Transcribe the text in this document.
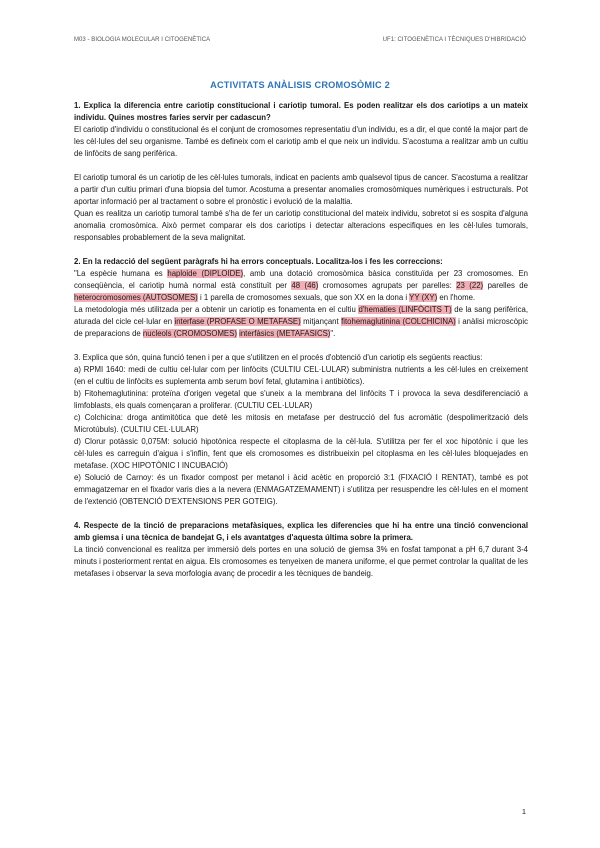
M03 - BIOLOGIA MOLECULAR I CITOGENÈTICA	UF1: CITOGENÈTICA I TÈCNIQUES D'HIBRIDACIÓ
ACTIVITATS ANÀLISIS CROMOSÒMIC 2

1. Explica la diferencia entre cariotip constitucional i cariotip tumoral. Es poden realitzar els dos cariotips a un mateix individu. Quines mostres faries servir per cadascun?

El cariotip d'individu o constitucional és el conjunt de cromosomes representatiu d'un individu, es a dir, el que conté la major part de les cèl·lules del seu organisme. També es defineix com el cariotip amb el que neix un individu. S'acostuma a realitzar amb un cultiu de linfòcits de sang perifèrica.

El cariotip tumoral és un cariotip de les cèl·lules tumorals, indicat en pacients amb qualsevol tipus de cancer. S'acostuma a realitzar a partir d'un cultiu primari d'una biopsia del tumor. Acostuma a presentar anomalies cromosòmiques numèriques i estructurals. Pot aportar informació per al tractament o sobre el pronòstic i evolució de la malaltia.

Quan es realitza un cariotip tumoral també s'ha de fer un cariotip constitucional del mateix individu, sobretot si es sospita d'alguna anomalia cromosòmica. Això permet comparar els dos cariotips i detectar alteracions especifiques en les cèl·lules tumorals, responsables probablement de la seva malignitat.

2. En la redacció del següent paràgrafs hi ha errors conceptuals. Localitza-los i fes les correccions:

"La espècie humana es haploide (DIPLOIDE), amb una dotació cromosòmica bàsica constituïda per 23 cromosomes. En conseqüència, el cariotip humà normal està constituït per 48 (46) cromosomes agrupats per parelles: 23 (22) parelles de heterocromosomes (AUTOSOMES) i 1 parella de cromosomes sexuals, que son XX en la dona i YY (XY) en l'home.

La metodologia més utilitzada per a obtenir un cariotip es fonamenta en el cultiu d'hematies (LINFÒCITS T) de la sang perifèrica, aturada del cicle cel·lular en interfase (PROFASE O METAFASE) mitjançant fitohemaglutinina (COLCHICINA) i anàlisi microscòpic de preparacions de nucleols (CROMOSOMES) interfàsics (METAFASICS)".

3. Explica que són, quina funció tenen i per a que s'utilitzen en el procés d'obtenció d'un cariotip els següents reactius:

a) RPMI 1640: medi de cultiu cel·lular com per linfòcits (CULTIU CEL·LULAR) subministra nutrients a les cèl·lules en creixement (en el cultiu de linfòcits es suplementa amb serum boví fetal, glutamina i antibiòtics).

b) Fitohemaglutinina: proteïna d'origen vegetal que s'uneix a la membrana del linfòcits T i provoca la seva desdiferenciació a limfoblasts, els quals començaran a proliferar. (CULTIU CEL·LULAR)

c) Colchicina: droga antimitòtica que detè les mitosis en metafase per destrucció del fus acromàtic (despolimerització dels Microtúbuls). (CULTIU CEL·LULAR)

d) Clorur potàssic 0,075M: solució hipotònica respecte el citoplasma de la cèl·lula. S'utilitza per fer el xoc hipotònic i que les cèl·lules es carreguin d'aigua i s'inflin, fent que els cromosomes es distribueixin pel citoplasma en les cèl·lules bloquejades en metafase. (XOC HIPOTÒNIC I INCUBACIÓ)

e) Solució de Carnoy: és un fixador compost per metanol i àcid acètic en proporció 3:1 (FIXACIÓ I RENTAT), també es pot emmagatzemar en el fixador varis dies a la nevera (ENMAGATZEMAMENT) i s'utilitza per resuspendre les cèl·lules en el moment de l'extenció (OBTENCIÓ D'EXTENSIONS PER GOTEIG).

4. Respecte de la tinció de preparacions metafàsiques, explica les diferencies que hi ha entre una tinció convencional amb giemsa i una tècnica de bandejat G, i els avantatges d'aquesta última sobre la primera.

La tinció convencional es realitza per immersió dels portes en una solució de giemsa 3% en fosfat tamponat a pH 6,7 durant 3-4 minuts i posteriorment rentat en aigua. Els cromosomes es tenyeixen de manera uniforme, el que permet controlar la qualitat de les metafases i observar la seva morfologia avanç de procedir a les tècniques de bandeig.

1
